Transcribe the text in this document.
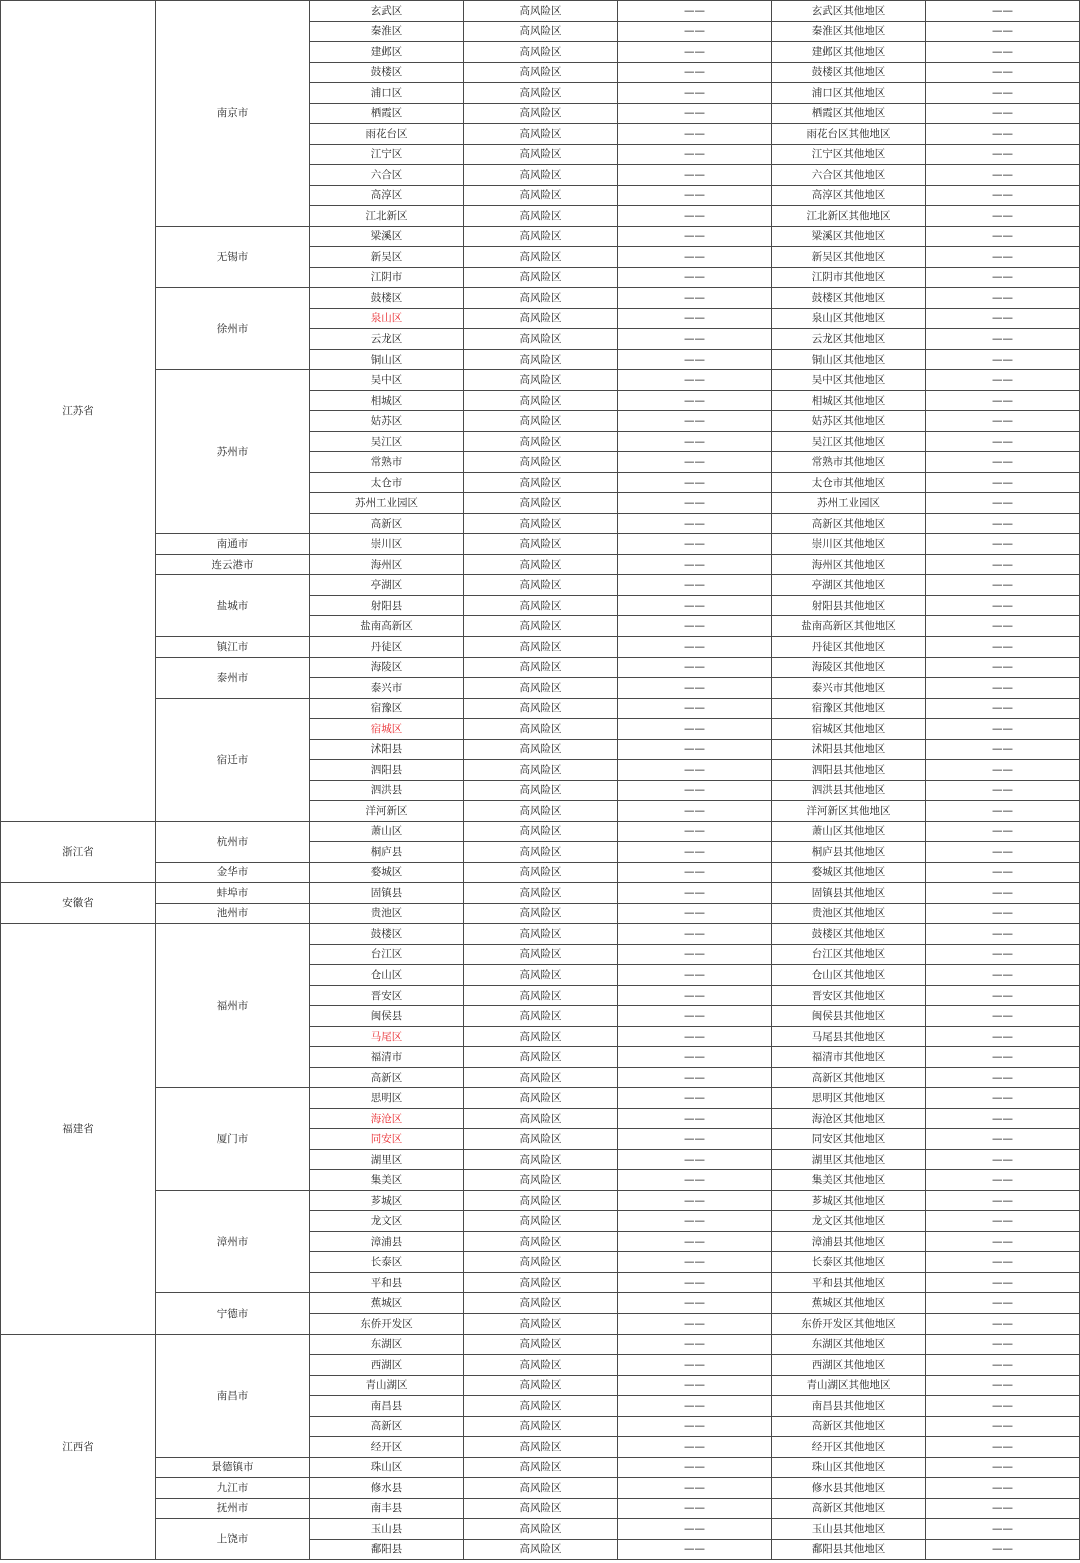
江苏省	南京市	玄武区	高风险区	——	玄武区其他地区	——
		秦淮区	高风险区	——	秦淮区其他地区	——
		建邺区	高风险区	——	建邺区其他地区	——
		鼓楼区	高风险区	——	鼓楼区其他地区	——
		浦口区	高风险区	——	浦口区其他地区	——
		栖霞区	高风险区	——	栖霞区其他地区	——
		雨花台区	高风险区	——	雨花台区其他地区	——
		江宁区	高风险区	——	江宁区其他地区	——
		六合区	高风险区	——	六合区其他地区	——
		高淳区	高风险区	——	高淳区其他地区	——
		江北新区	高风险区	——	江北新区其他地区	——
	无锡市	梁溪区	高风险区	——	梁溪区其他地区	——
		新吴区	高风险区	——	新吴区其他地区	——
		江阴市	高风险区	——	江阴市其他地区	——
	徐州市	鼓楼区	高风险区	——	鼓楼区其他地区	——
		泉山区	高风险区	——	泉山区其他地区	——
		云龙区	高风险区	——	云龙区其他地区	——
		铜山区	高风险区	——	铜山区其他地区	——
	苏州市	吴中区	高风险区	——	吴中区其他地区	——
		相城区	高风险区	——	相城区其他地区	——
		姑苏区	高风险区	——	姑苏区其他地区	——
		吴江区	高风险区	——	吴江区其他地区	——
		常熟市	高风险区	——	常熟市其他地区	——
		太仓市	高风险区	——	太仓市其他地区	——
		苏州工业园区	高风险区	——	苏州工业园区	——
		高新区	高风险区	——	高新区其他地区	——
	南通市	崇川区	高风险区	——	崇川区其他地区	——
	连云港市	海州区	高风险区	——	海州区其他地区	——
	盐城市	亭湖区	高风险区	——	亭湖区其他地区	——
		射阳县	高风险区	——	射阳县其他地区	——
		盐南高新区	高风险区	——	盐南高新区其他地区	——
	镇江市	丹徒区	高风险区	——	丹徒区其他地区	——
	泰州市	海陵区	高风险区	——	海陵区其他地区	——
		泰兴市	高风险区	——	泰兴市其他地区	——
	宿迁市	宿豫区	高风险区	——	宿豫区其他地区	——
		宿城区	高风险区	——	宿城区其他地区	——
		沭阳县	高风险区	——	沭阳县其他地区	——
		泗阳县	高风险区	——	泗阳县其他地区	——
		泗洪县	高风险区	——	泗洪县其他地区	——
		洋河新区	高风险区	——	洋河新区其他地区	——
浙江省	杭州市	萧山区	高风险区	——	萧山区其他地区	——
		桐庐县	高风险区	——	桐庐县其他地区	——
	金华市	婺城区	高风险区	——	婺城区其他地区	——
安徽省	蚌埠市	固镇县	高风险区	——	固镇县其他地区	——
	池州市	贵池区	高风险区	——	贵池区其他地区	——
福建省	福州市	鼓楼区	高风险区	——	鼓楼区其他地区	——
		台江区	高风险区	——	台江区其他地区	——
		仓山区	高风险区	——	仓山区其他地区	——
		晋安区	高风险区	——	晋安区其他地区	——
		闽侯县	高风险区	——	闽侯县其他地区	——
		马尾区	高风险区	——	马尾县其他地区	——
		福清市	高风险区	——	福清市其他地区	——
		高新区	高风险区	——	高新区其他地区	——
	厦门市	思明区	高风险区	——	思明区其他地区	——
		海沧区	高风险区	——	海沧区其他地区	——
		同安区	高风险区	——	同安区其他地区	——
		湖里区	高风险区	——	湖里区其他地区	——
		集美区	高风险区	——	集美区其他地区	——
	漳州市	芗城区	高风险区	——	芗城区其他地区	——
		龙文区	高风险区	——	龙文区其他地区	——
		漳浦县	高风险区	——	漳浦县其他地区	——
		长泰区	高风险区	——	长泰区其他地区	——
		平和县	高风险区	——	平和县其他地区	——
	宁德市	蕉城区	高风险区	——	蕉城区其他地区	——
		东侨开发区	高风险区	——	东侨开发区其他地区	——
江西省	南昌市	东湖区	高风险区	——	东湖区其他地区	——
		西湖区	高风险区	——	西湖区其他地区	——
		青山湖区	高风险区	——	青山湖区其他地区	——
		南昌县	高风险区	——	南昌县其他地区	——
		高新区	高风险区	——	高新区其他地区	——
		经开区	高风险区	——	经开区其他地区	——
	景德镇市	珠山区	高风险区	——	珠山区其他地区	——
	九江市	修水县	高风险区	——	修水县其他地区	——
	抚州市	南丰县	高风险区	——	高新区其他地区	——
	上饶市	玉山县	高风险区	——	玉山县其他地区	——
		鄱阳县	高风险区	——	鄱阳县其他地区	——
